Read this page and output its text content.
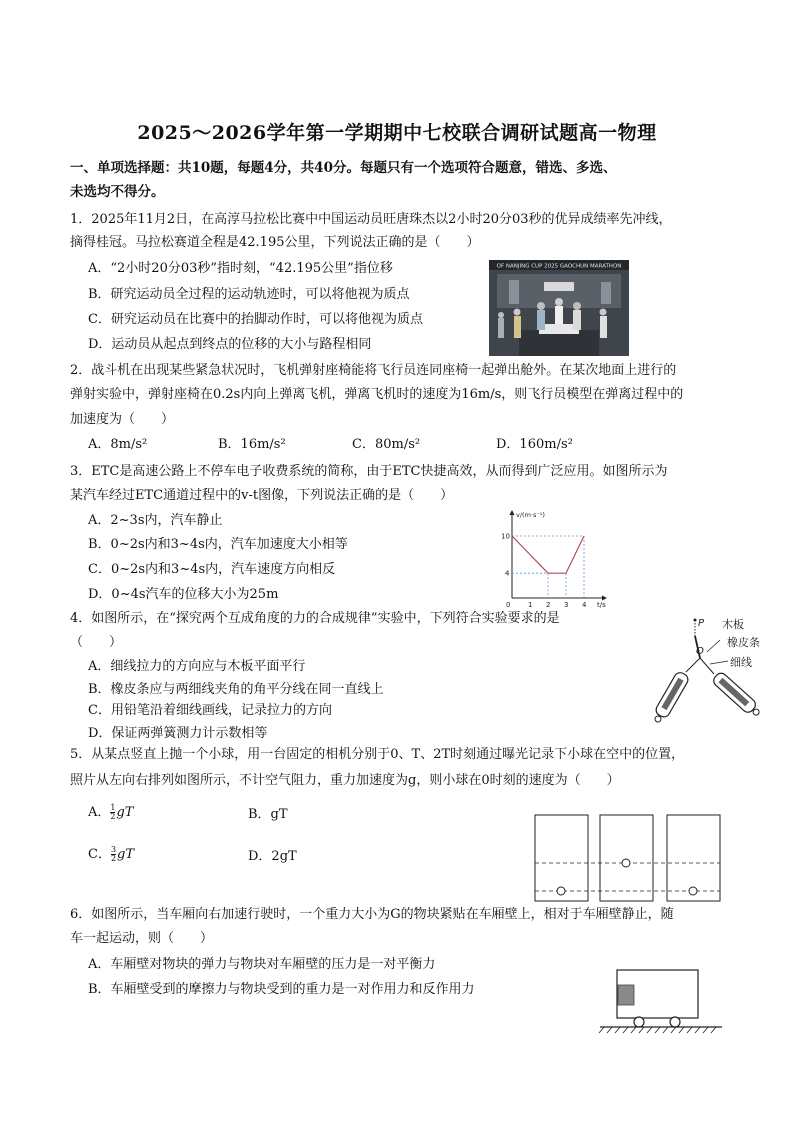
2025～2026学年第一学期期中七校联合调研试题高一物理
一、单项选择题：共10题，每题4分，共40分。每题只有一个选项符合题意，错选、多选、
未选均不得分。
1．2025年11月2日，在高淳马拉松比赛中中国运动员旺唐珠杰以2小时20分03秒的优异成绩率先冲线，
摘得桂冠。马拉松赛道全程是42.195公里，下列说法正确的是（　　）
A．“2小时20分03秒”指时刻，“42.195公里”指位移
B．研究运动员全过程的运动轨迹时，可以将他视为质点
C．研究运动员在比赛中的抬脚动作时，可以将他视为质点
D．运动员从起点到终点的位移的大小与路程相同
OF NANJING CUP 2025 GAOCHUN MARATHON
2．战斗机在出现某些紧急状况时，飞机弹射座椅能将飞行员连同座椅一起弹出舱外。在某次地面上进行的
弹射实验中，弹射座椅在0.2s内向上弹离飞机，弹离飞机时的速度为16m/s，则飞行员模型在弹离过程中的
加速度为（　　）
A．8m/s²	B．16m/s²	C．80m/s²	D．160m/s²
3．ETC是高速公路上不停车电子收费系统的简称，由于ETC快捷高效，从而得到广泛应用。如图所示为
某汽车经过ETC通道过程中的v-t图像，下列说法正确的是（　　）
A．2~3s内，汽车静止
B．0~2s内和3~4s内，汽车加速度大小相等
C．0~2s内和3~4s内，汽车速度方向相反
D．0~4s汽车的位移大小为25m
v/(m·s⁻¹)
t/s
0
10
4
1 2 3 4
4．如图所示，在“探究两个互成角度的力的合成规律”实验中，下列符合实验要求的是
（　　）
A．细线拉力的方向应与木板平面平行
B．橡皮条应与两细线夹角的角平分线在同一直线上
C．用铅笔沿着细线画线，记录拉力的方向
D．保证两弹簧测力计示数相等
P
O
木板
橡皮条
细线
5．从某点竖直上抛一个小球，用一台固定的相机分别于0、T、2T时刻通过曝光记录下小球在空中的位置，
照片从左向右排列如图所示，不计空气阻力，重力加速度为g，则小球在0时刻的速度为（　　）
A． $\frac{1}{2}$ gT	B．gT
C． $\frac{3}{2}$ gT	D．2gT
6．如图所示，当车厢向右加速行驶时，一个重力大小为G的物块紧贴在车厢壁上，相对于车厢壁静止，随
车一起运动，则（　　）
A．车厢壁对物块的弹力与物块对车厢壁的压力是一对平衡力
B．车厢壁受到的摩擦力与物块受到的重力是一对作用力和反作用力
